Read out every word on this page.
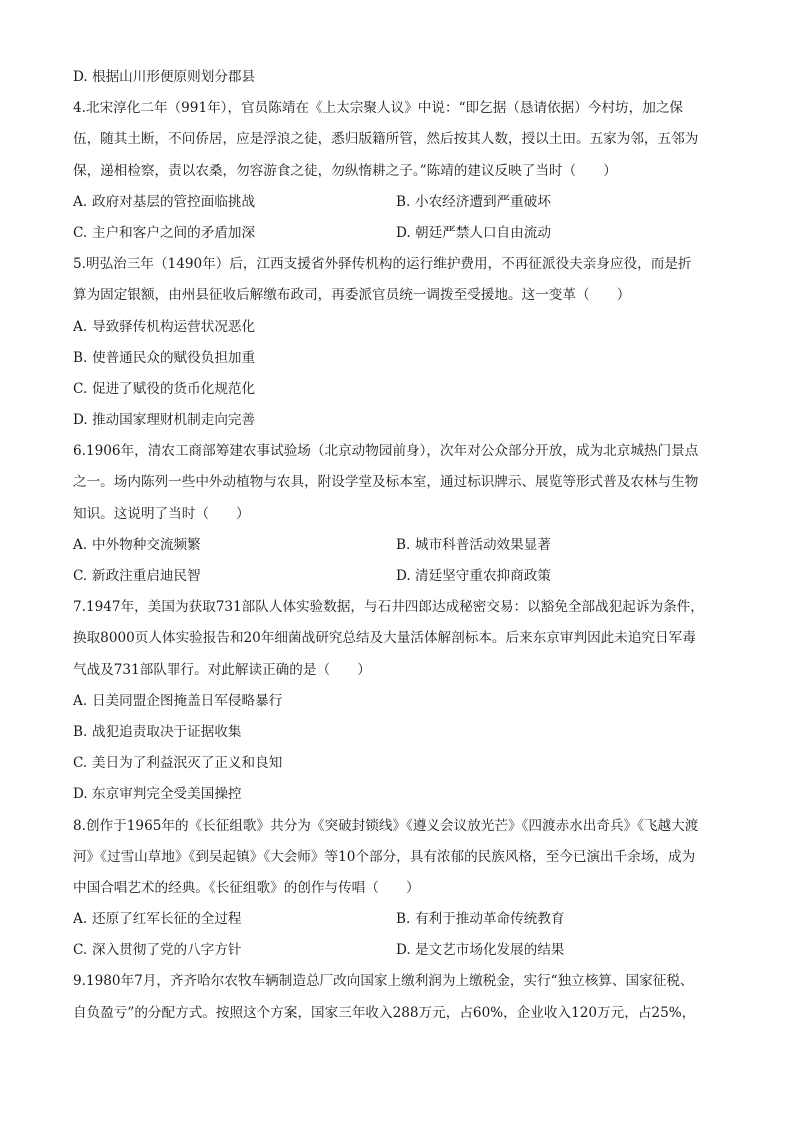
D. 根据山川形便原则划分郡县
4.北宋淳化二年（991年），官员陈靖在《上太宗聚人议》中说：“即乞据（恳请依据）今村坊，加之保
伍，随其土断，不问侨居，应是浮浪之徒，悉归版籍所管，然后按其人数，授以土田。五家为邻，五邻为
保，递相检察，责以农桑，勿容游食之徒，勿纵惰耕之子。”陈靖的建议反映了当时（　　）
A. 政府对基层的管控面临挑战	B. 小农经济遭到严重破坏
C. 主户和客户之间的矛盾加深	D. 朝廷严禁人口自由流动
5.明弘治三年（1490年）后，江西支援省外驿传机构的运行维护费用，不再征派役夫亲身应役，而是折
算为固定银额，由州县征收后解缴布政司，再委派官员统一调拨至受援地。这一变革（　　）
A. 导致驿传机构运营状况恶化
B. 使普通民众的赋役负担加重
C. 促进了赋役的货币化规范化
D. 推动国家理财机制走向完善
6.1906年，清农工商部筹建农事试验场（北京动物园前身），次年对公众部分开放，成为北京城热门景点
之一。场内陈列一些中外动植物与农具，附设学堂及标本室，通过标识牌示、展览等形式普及农林与生物
知识。这说明了当时（　　）
A. 中外物种交流频繁	B. 城市科普活动效果显著
C. 新政注重启迪民智	D. 清廷坚守重农抑商政策
7.1947年，美国为获取731部队人体实验数据，与石井四郎达成秘密交易：以豁免全部战犯起诉为条件，
换取8000页人体实验报告和20年细菌战研究总结及大量活体解剖标本。后来东京审判因此未追究日军毒
气战及731部队罪行。对此解读正确的是（　　）
A. 日美同盟企图掩盖日军侵略暴行
B. 战犯追责取决于证据收集
C. 美日为了利益泯灭了正义和良知
D. 东京审判完全受美国操控
8.创作于1965年的《长征组歌》共分为《突破封锁线》《遵义会议放光芒》《四渡赤水出奇兵》《飞越大渡
河》《过雪山草地》《到吴起镇》《大会师》等10个部分，具有浓郁的民族风格，至今已演出千余场，成为
中国合唱艺术的经典。《长征组歌》的创作与传唱（　　）
A. 还原了红军长征的全过程	B. 有利于推动革命传统教育
C. 深入贯彻了党的八字方针	D. 是文艺市场化发展的结果
9.1980年7月，齐齐哈尔农牧车辆制造总厂改向国家上缴利润为上缴税金，实行“独立核算、国家征税、
自负盈亏”的分配方式。按照这个方案，国家三年收入288万元，占60%，企业收入120万元，占25%，
